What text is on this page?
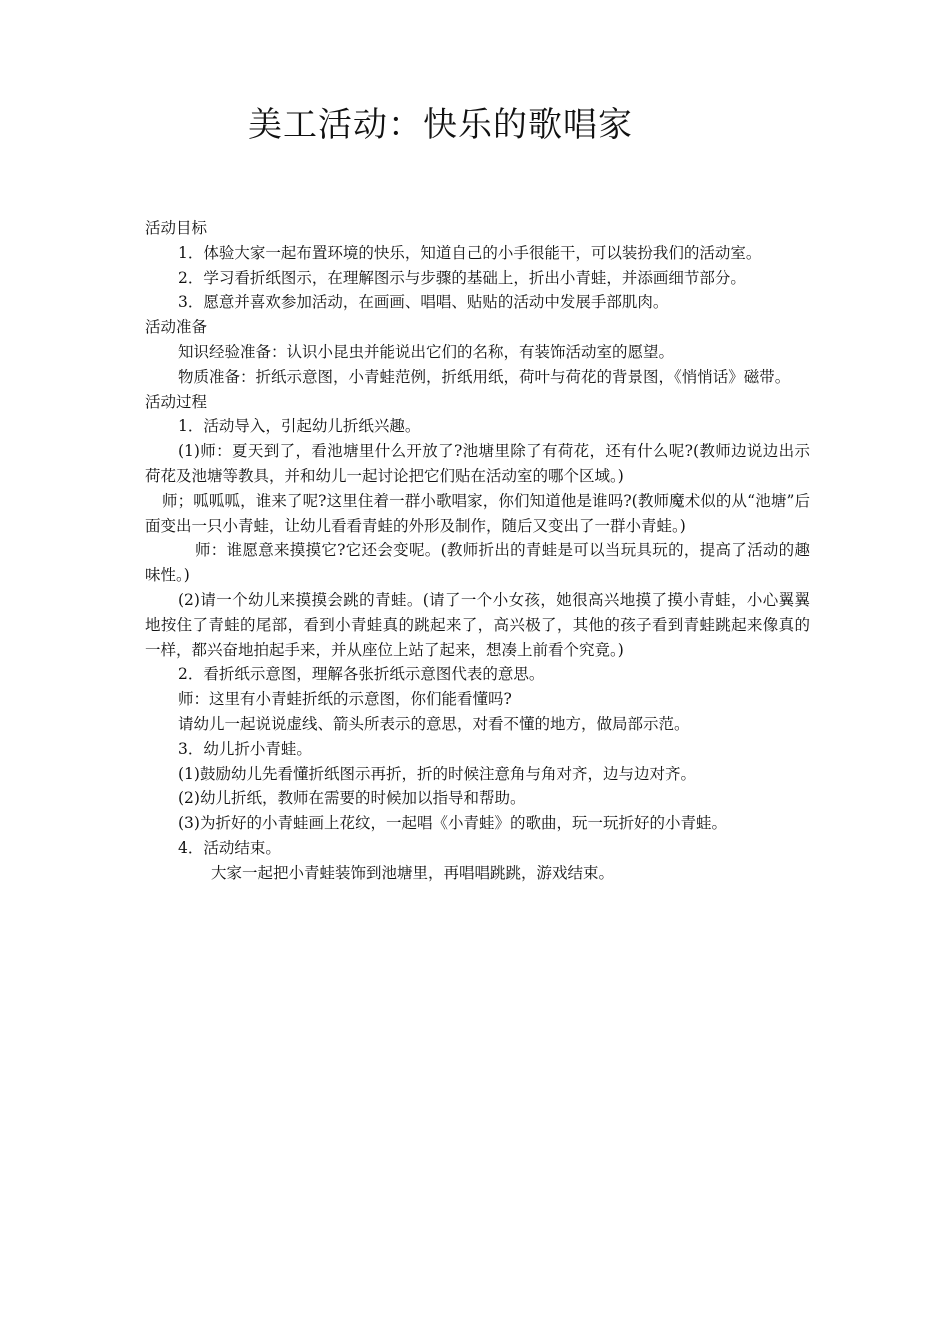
美工活动：快乐的歌唱家

活动目标

1．体验大家一起布置环境的快乐，知道自己的小手很能干，可以装扮我们的活动室。

2．学习看折纸图示，在理解图示与步骤的基础上，折出小青蛙，并添画细节部分。

3．愿意并喜欢参加活动，在画画、唱唱、贴贴的活动中发展手部肌肉。

活动准备

知识经验准备：认识小昆虫并能说出它们的名称，有装饰活动室的愿望。

物质准备：折纸示意图，小青蛙范例，折纸用纸，荷叶与荷花的背景图，《悄悄话》磁带。

活动过程

1．活动导入，引起幼儿折纸兴趣。

(1)师：夏天到了，看池塘里什么开放了?池塘里除了有荷花，还有什么呢?(教师边说边出示荷花及池塘等教具，并和幼儿一起讨论把它们贴在活动室的哪个区域。)

师；呱呱呱，谁来了呢?这里住着一群小歌唱家，你们知道他是谁吗?(教师魔术似的从“池塘”后面变出一只小青蛙，让幼儿看看青蛙的外形及制作，随后又变出了一群小青蛙。)

师：谁愿意来摸摸它?它还会变呢。(教师折出的青蛙是可以当玩具玩的，提高了活动的趣味性。)

(2)请一个幼儿来摸摸会跳的青蛙。(请了一个小女孩，她很高兴地摸了摸小青蛙，小心翼翼地按住了青蛙的尾部，看到小青蛙真的跳起来了，高兴极了，其他的孩子看到青蛙跳起来像真的一样，都兴奋地拍起手来，并从座位上站了起来，想凑上前看个究竟。)

2．看折纸示意图，理解各张折纸示意图代表的意思。

师：这里有小青蛙折纸的示意图，你们能看懂吗?

请幼儿一起说说虚线、箭头所表示的意思，对看不懂的地方，做局部示范。

3．幼儿折小青蛙。

(1)鼓励幼儿先看懂折纸图示再折，折的时候注意角与角对齐，边与边对齐。

(2)幼儿折纸，教师在需要的时候加以指导和帮助。

(3)为折好的小青蛙画上花纹，一起唱《小青蛙》的歌曲，玩一玩折好的小青蛙。

4．活动结束。

大家一起把小青蛙装饰到池塘里，再唱唱跳跳，游戏结束。
